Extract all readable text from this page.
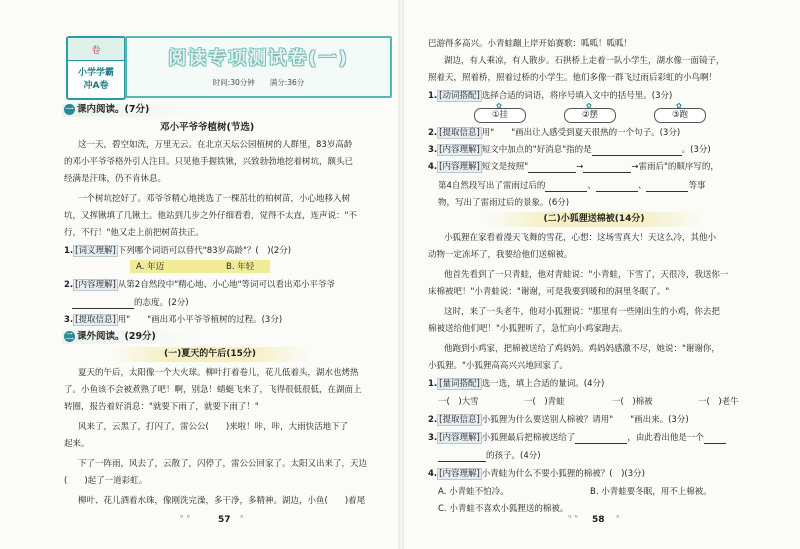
卷
小学学霸
冲A卷
阅读专项测试卷(一)
时间:30分钟　　满分:36分
一 课内阅读。(7分)
邓小平爷爷植树(节选)
这一天，碧空如洗，万里无云。在北京天坛公园植树的人群里，83岁高龄
的邓小平爷爷格外引人注目。只见他手握铁锹，兴致勃勃地挖着树坑，额头已
经满是汗珠，仍不肯休息。
一个树坑挖好了。邓爷爷精心地挑选了一棵茁壮的柏树苗，小心地移入树
坑，又挥锹填了几锹土。他站到几步之外仔细看看，觉得不太直，连声说："不
行，不行！"他又走上前把树苗扶正。
1. [词义理解] 下列哪个词语可以替代"83岁高龄"？(　)(2分)
A. 年迈	B. 年轻
2. [内容理解] 从第2自然段中"精心地、小心地"等词可以看出邓小平爷爷
的态度。(2分)
3. [提取信息] 用"　　"画出邓小平爷爷植树的过程。(3分)
二 课外阅读。(29分)
(一)夏天的午后(15分)
夏天的午后，太阳像一个大火球。柳叶打着卷儿，花儿低着头，湖水也烤热
了。小鱼该不会被煮熟了吧！啊，别急！蜻蜓飞来了，飞得很低很低，在湖面上
转圈，报告着好消息："就要下雨了，就要下雨了！"
风来了，云黑了，打闪了，雷公公(　　)来啦！咔，咔，大雨快活地下了
起来。
下了一阵雨，风去了，云散了，闪停了，雷公公回家了。太阳又出来了，天边
(　　)起了一道彩虹。
柳叶、花儿洒着水珠，像刚洗完澡，多干净，多精神。湖边，小鱼(　　)着尾
ᐡ ᐡ	57 ᐡ
巴游得多高兴。小青蛙蹦上岸开始赛歌：呱呱！呱呱！
湖边，有人乘凉，有人散步。石拱桥上走着一队小学生，湖水像一面镜子，
照着天，照着桥，照着过桥的小学生。他们多像一群飞过雨后彩虹的小鸟啊！
1. [动词搭配] 选择合适的词语，将序号填入文中的括号里。(3分)
✿
①挂
✿
②摆
✿
③跑
2. [提取信息] 用"　　"画出让人感受到夏天很热的一个句子。(3分)
3. [内容理解] 短文中加点的"好消息"指的是	。(3分)
4. [内容理解] 短文是按照"	→	→雷雨后"的顺序写的，
第4自然段写出了雷雨过后的	、	、	等事
物，写出了雷雨过后的景象。(6分)
(二)小狐狸送棉被(14分)
小狐狸在家看着漫天飞舞的雪花，心想：这场雪真大！天这么冷，其他小
动物一定冻坏了，我要给他们送棉被。
他首先看到了一只青蛙，他对青蛙说："小青蛙，下雪了，天很冷，我送你一
床棉被吧！"小青蛙说："谢谢，可是我要到暖和的洞里冬眠了。"
这时，来了一头老牛，他对小狐狸说："那里有一些刚出生的小鸡，你去把
棉被送给他们吧！"小狐狸听了，急忙向小鸡家跑去。
他跑到小鸡家，把棉被送给了鸡妈妈。鸡妈妈感激不尽，她说："谢谢你，
小狐狸。"小狐狸高高兴兴地回家了。
1. [量词搭配] 选一选，填上合适的量词。(4分)
一(　)大雪	一(　)青蛙	一(　)棉被	一(　)老牛
2. [提取信息] 小狐狸为什么要送别人棉被？请用"　　"画出来。(3分)
3. [内容理解] 小狐狸最后把棉被送给了	，由此看出他是一个
的孩子。(4分)
4. [内容理解] 小青蛙为什么不要小狐狸的棉被？(　)(3分)
A. 小青蛙不怕冷。	B. 小青蛙要冬眠，用不上棉被。
C. 小青蛙不喜欢小狐狸送的棉被。
ᐡ ᐡ 58 ᐡ
